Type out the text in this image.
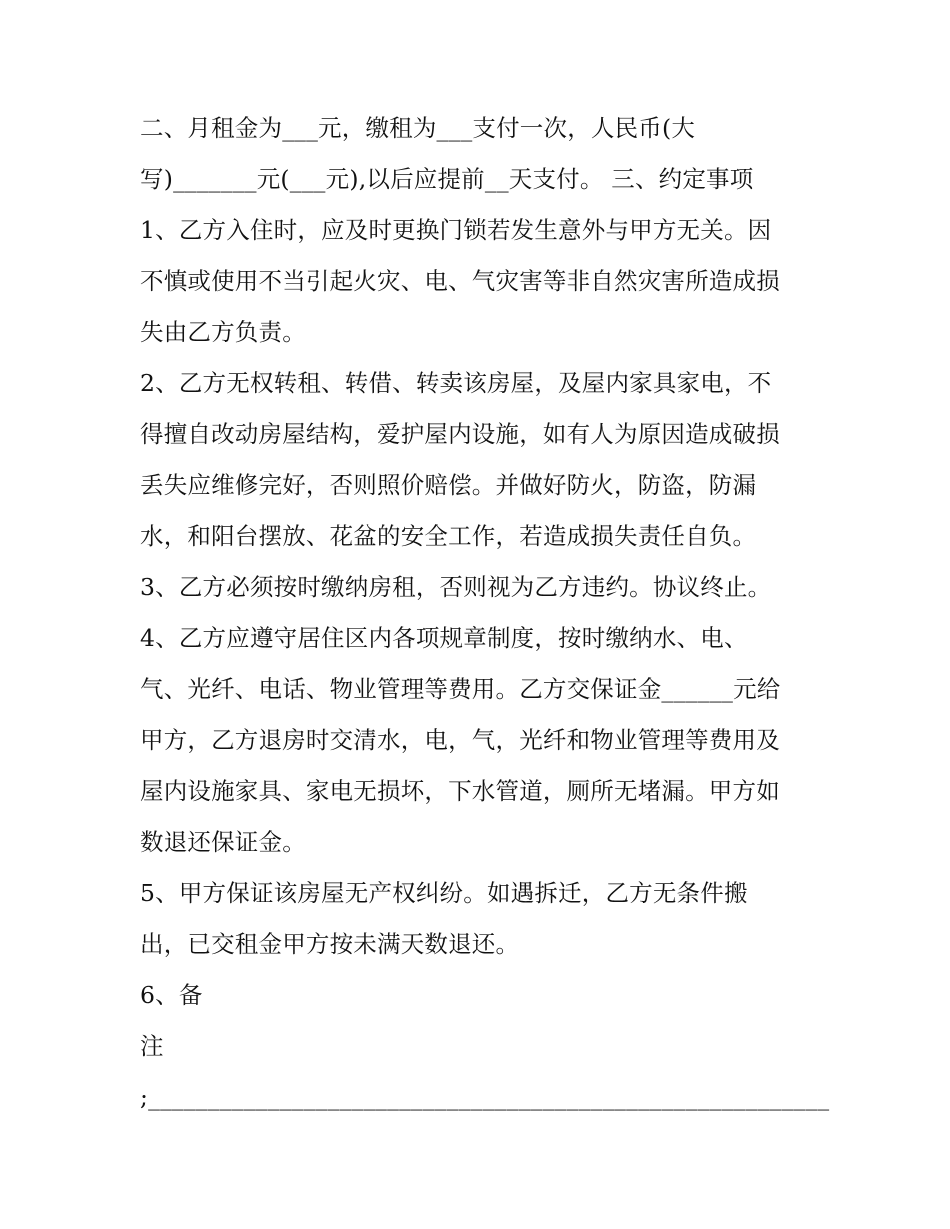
二、月租金为___元，缴租为___支付一次，人民币(大
写)_______元(___元),以后应提前__天支付。 三、约定事项
1、乙方入住时，应及时更换门锁若发生意外与甲方无关。因
不慎或使用不当引起火灾、电、气灾害等非自然灾害所造成损
失由乙方负责。
2、乙方无权转租、转借、转卖该房屋，及屋内家具家电，不
得擅自改动房屋结构，爱护屋内设施，如有人为原因造成破损
丢失应维修完好，否则照价赔偿。并做好防火，防盗，防漏
水，和阳台摆放、花盆的安全工作，若造成损失责任自负。
3、乙方必须按时缴纳房租，否则视为乙方违约。协议终止。
4、乙方应遵守居住区内各项规章制度，按时缴纳水、电、
气、光纤、电话、物业管理等费用。乙方交保证金______元给
甲方，乙方退房时交清水，电，气，光纤和物业管理等费用及
屋内设施家具、家电无损坏，下水管道，厕所无堵漏。甲方如
数退还保证金。
5、甲方保证该房屋无产权纠纷。如遇拆迁，乙方无条件搬
出，已交租金甲方按未满天数退还。
6、备
注
;_________________________________________________________
